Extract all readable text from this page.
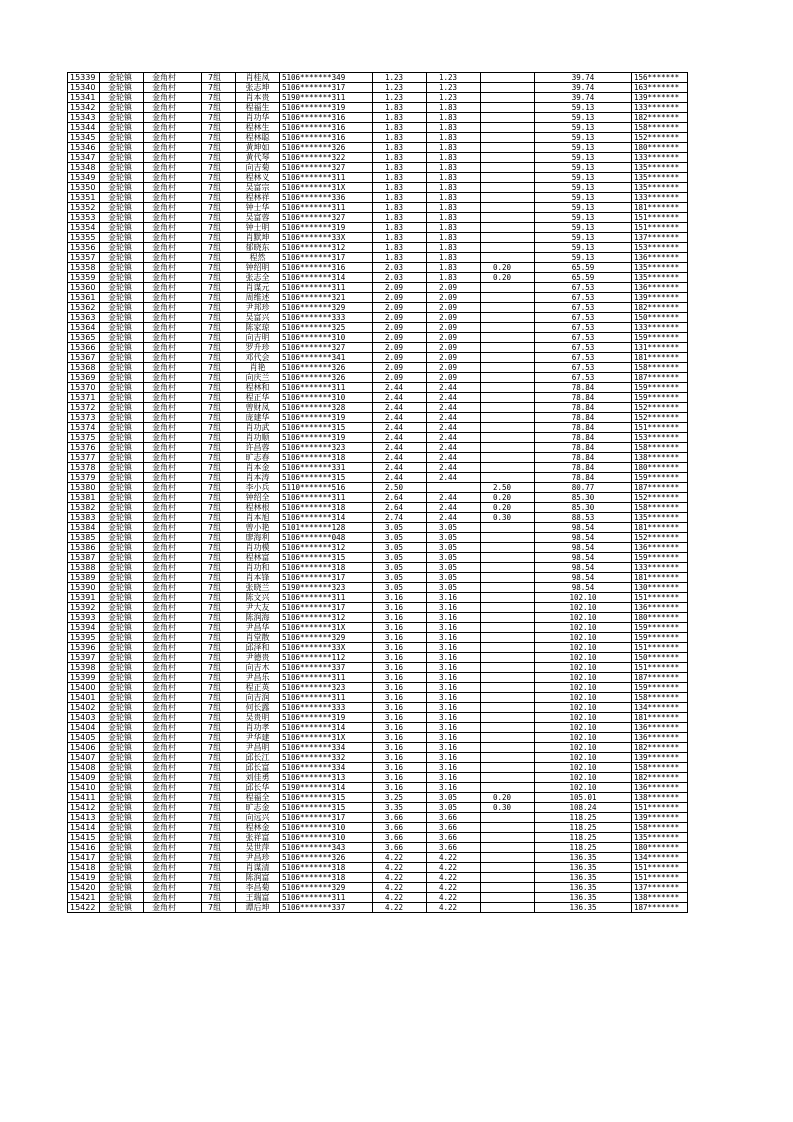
15339	金轮镇	金角村	7组	肖桂凤	5106*******349	1.23	1.23		39.74	156*******
15340	金轮镇	金角村	7组	张志坤	5106*******317	1.23	1.23		39.74	163*******
15341	金轮镇	金角村	7组	肖本贵	5190*******311	1.23	1.23		39.74	139*******
15342	金轮镇	金角村	7组	程福生	5106*******319	1.83	1.83		59.13	133*******
15343	金轮镇	金角村	7组	肖功华	5106*******316	1.83	1.83		59.13	182*******
15344	金轮镇	金角村	7组	程林生	5106*******316	1.83	1.83		59.13	158*******
15345	金轮镇	金角村	7组	程林聪	5106*******316	1.83	1.83		59.13	152*******
15346	金轮镇	金角村	7组	黄坤如	5106*******326	1.83	1.83		59.13	180*******
15347	金轮镇	金角村	7组	黄代琴	5106*******322	1.83	1.83		59.13	133*******
15348	金轮镇	金角村	7组	向吉菊	5106*******327	1.83	1.83		59.13	135*******
15349	金轮镇	金角村	7组	程林义	5106*******311	1.83	1.83		59.13	135*******
15350	金轮镇	金角村	7组	吴富宗	5106*******31X	1.83	1.83		59.13	135*******
15351	金轮镇	金角村	7组	程林祥	5106*******336	1.83	1.83		59.13	133*******
15352	金轮镇	金角村	7组	钟士华	5106*******311	1.83	1.83		59.13	181*******
15353	金轮镇	金角村	7组	吴富蓉	5106*******327	1.83	1.83		59.13	151*******
15354	金轮镇	金角村	7组	钟士明	5106*******319	1.83	1.83		59.13	151*******
15355	金轮镇	金角村	7组	肖默坤	5106*******33X	1.83	1.83		59.13	137*******
15356	金轮镇	金角村	7组	郁晓东	5106*******312	1.83	1.83		59.13	153*******
15357	金轮镇	金角村	7组	程然	5106*******317	1.83	1.83		59.13	136*******
15358	金轮镇	金角村	7组	钟绍明	5106*******316	2.03	1.83	0.20	65.59	135*******
15359	金轮镇	金角村	7组	张志全	5106*******314	2.03	1.83	0.20	65.59	135*******
15360	金轮镇	金角村	7组	肖谋元	5106*******311	2.09	2.09		67.53	136*******
15361	金轮镇	金角村	7组	周维述	5106*******321	2.09	2.09		67.53	139*******
15362	金轮镇	金角村	7组	尹邦珍	5106*******329	2.09	2.09		67.53	182*******
15363	金轮镇	金角村	7组	吴富兴	5106*******333	2.09	2.09		67.53	150*******
15364	金轮镇	金角村	7组	陈家琼	5106*******325	2.09	2.09		67.53	133*******
15365	金轮镇	金角村	7组	向吉明	5106*******310	2.09	2.09		67.53	159*******
15366	金轮镇	金角村	7组	罗升珍	5106*******327	2.09	2.09		67.53	131*******
15367	金轮镇	金角村	7组	邓代会	5106*******341	2.09	2.09		67.53	181*******
15368	金轮镇	金角村	7组	肖艳	5106*******326	2.09	2.09		67.53	158*******
15369	金轮镇	金角村	7组	向庆兰	5106*******326	2.09	2.09		67.53	187*******
15370	金轮镇	金角村	7组	程林和	5106*******311	2.44	2.44		78.84	159*******
15371	金轮镇	金角村	7组	程正华	5106*******310	2.44	2.44		78.84	159*******
15372	金轮镇	金角村	7组	曾财凤	5106*******328	2.44	2.44		78.84	152*******
15373	金轮镇	金角村	7组	庞建华	5106*******319	2.44	2.44		78.84	152*******
15374	金轮镇	金角村	7组	肖功武	5106*******315	2.44	2.44		78.84	151*******
15375	金轮镇	金角村	7组	肖功顺	5106*******319	2.44	2.44		78.84	153*******
15376	金轮镇	金角村	7组	许昌蓉	5106*******323	2.44	2.44		78.84	158*******
15377	金轮镇	金角村	7组	旷志春	5106*******318	2.44	2.44		78.84	138*******
15378	金轮镇	金角村	7组	肖本金	5106*******331	2.44	2.44		78.84	180*******
15379	金轮镇	金角村	7组	肖本涛	5106*******315	2.44	2.44		78.84	159*******
15380	金轮镇	金角村	7组	李小兵	5110*******516	2.50		2.50	80.77	187*******
15381	金轮镇	金角村	7组	钟绍全	5106*******311	2.64	2.44	0.20	85.30	152*******
15382	金轮镇	金角村	7组	程林根	5106*******318	2.64	2.44	0.20	85.30	158*******
15383	金轮镇	金角村	7组	肖本旭	5106*******314	2.74	2.44	0.30	88.53	135*******
15384	金轮镇	金角村	7组	曾小艳	5101*******128	3.05	3.05		98.54	181*******
15385	金轮镇	金角村	7组	廖海利	5106*******048	3.05	3.05		98.54	152*******
15386	金轮镇	金角村	7组	肖功模	5106*******312	3.05	3.05		98.54	136*******
15387	金轮镇	金角村	7组	程林富	5106*******315	3.05	3.05		98.54	159*******
15388	金轮镇	金角村	7组	肖功和	5106*******318	3.05	3.05		98.54	133*******
15389	金轮镇	金角村	7组	肖本锋	5106*******317	3.05	3.05		98.54	181*******
15390	金轮镇	金角村	7组	张晓兰	5190*******323	3.05	3.05		98.54	130*******
15391	金轮镇	金角村	7组	陈文兴	5106*******311	3.16	3.16		102.10	151*******
15392	金轮镇	金角村	7组	尹大友	5106*******317	3.16	3.16		102.10	136*******
15393	金轮镇	金角村	7组	陈润海	5106*******312	3.16	3.16		102.10	180*******
15394	金轮镇	金角村	7组	尹昌华	5106*******31X	3.16	3.16		102.10	159*******
15395	金轮镇	金角村	7组	肖堂散	5106*******329	3.16	3.16		102.10	159*******
15396	金轮镇	金角村	7组	邱泽和	5106*******33X	3.16	3.16		102.10	151*******
15397	金轮镇	金角村	7组	尹德贵	5106*******112	3.16	3.16		102.10	150*******
15398	金轮镇	金角村	7组	向吉木	5106*******337	3.16	3.16		102.10	151*******
15399	金轮镇	金角村	7组	尹昌乐	5106*******311	3.16	3.16		102.10	187*******
15400	金轮镇	金角村	7组	程正英	5106*******323	3.16	3.16		102.10	159*******
15401	金轮镇	金角村	7组	向吉润	5106*******311	3.16	3.16		102.10	158*******
15402	金轮镇	金角村	7组	何长露	5106*******333	3.16	3.16		102.10	134*******
15403	金轮镇	金角村	7组	吴贵明	5106*******319	3.16	3.16		102.10	181*******
15404	金轮镇	金角村	7组	肖功孝	5106*******314	3.16	3.16		102.10	136*******
15405	金轮镇	金角村	7组	尹华建	5106*******31X	3.16	3.16		102.10	136*******
15406	金轮镇	金角村	7组	尹昌明	5106*******334	3.16	3.16		102.10	182*******
15407	金轮镇	金角村	7组	邱长江	5106*******332	3.16	3.16		102.10	139*******
15408	金轮镇	金角村	7组	邱长富	5106*******334	3.16	3.16		102.10	158*******
15409	金轮镇	金角村	7组	刘佳勇	5106*******313	3.16	3.16		102.10	182*******
15410	金轮镇	金角村	7组	邱长华	5190*******314	3.16	3.16		102.10	136*******
15411	金轮镇	金角村	7组	程福全	5106*******315	3.25	3.05	0.20	105.01	138*******
15412	金轮镇	金角村	7组	旷志金	5106*******315	3.35	3.05	0.30	108.24	151*******
15413	金轮镇	金角村	7组	向远兴	5106*******317	3.66	3.66		118.25	139*******
15414	金轮镇	金角村	7组	程林金	5106*******310	3.66	3.66		118.25	158*******
15415	金轮镇	金角村	7组	张祥富	5106*******310	3.66	3.66		118.25	135*******
15416	金轮镇	金角村	7组	吴世萍	5106*******343	3.66	3.66		118.25	180*******
15417	金轮镇	金角村	7组	尹昌珍	5106*******326	4.22	4.22		136.35	134*******
15418	金轮镇	金角村	7组	肖谋清	5106*******318	4.22	4.22		136.35	151*******
15419	金轮镇	金角村	7组	陈润富	5106*******318	4.22	4.22		136.35	151*******
15420	金轮镇	金角村	7组	李昌菊	5106*******329	4.22	4.22		136.35	137*******
15421	金轮镇	金角村	7组	王瑞富	5106*******311	4.22	4.22		136.35	138*******
15422	金轮镇	金角村	7组	谭后坤	5106*******337	4.22	4.22		136.35	187*******
